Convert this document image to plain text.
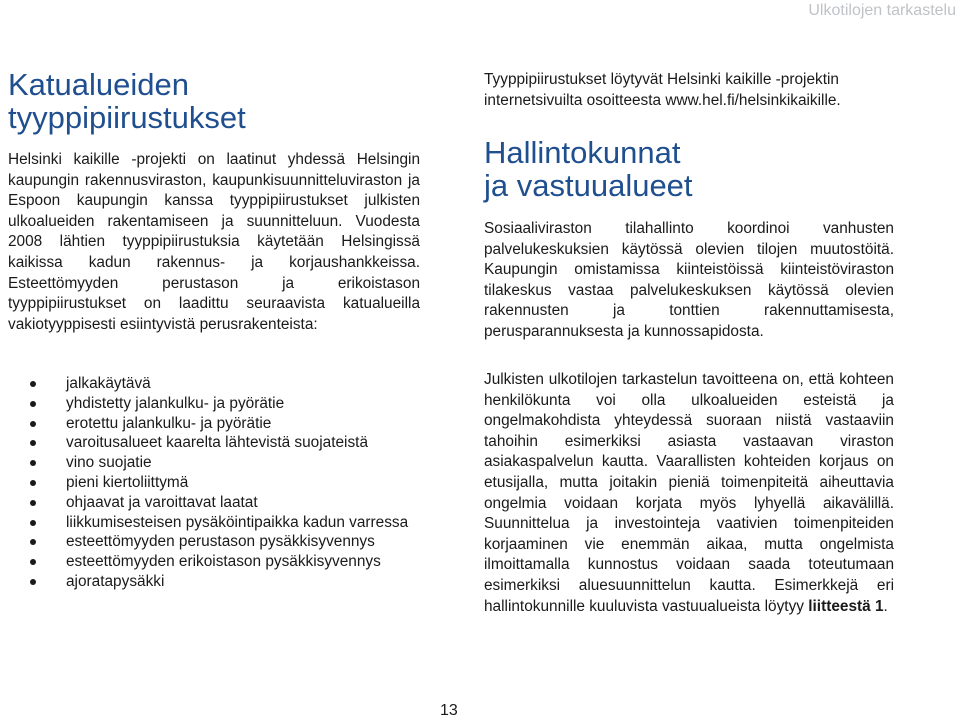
Ulkotilojen tarkastelu
Katualueiden
tyyppipiirustukset

Helsinki kaikille -projekti on laatinut yhdessä Helsingin kaupungin rakennusviraston, kaupunkisuunnitteluviraston ja Espoon kaupungin kanssa tyyppipiirustukset julkisten ulkoalueiden rakentamiseen ja suunnitteluun. Vuodesta 2008 lähtien tyyppipiirustuksia käytetään Helsingissä kaikissa kadun rakennus- ja korjaushankkeissa. Esteettömyyden perustason ja erikoistason tyyppipiirustukset on laadittu seuraavista katualueilla vakiotyyppisesti esiintyvistä perusrakenteista:

jalkakäytävä
yhdistetty jalankulku- ja pyörätie
erotettu jalankulku- ja pyörätie
varoitusalueet kaarelta lähtevistä suojateistä
vino suojatie
pieni kiertoliittymä
ohjaavat ja varoittavat laatat
liikkumisesteisen pysäköintipaikka kadun varressa
esteettömyyden perustason pysäkkisyvennys
esteettömyyden erikoistason pysäkkisyvennys
ajoratapysäkki

Tyyppipiirustukset löytyvät Helsinki kaikille -projektin internetsivuilta osoitteesta www.hel.fi/helsinkikaikille.

Hallintokunnat
ja vastuualueet

Sosiaaliviraston tilahallinto koordinoi vanhusten palvelukeskuksien käytössä olevien tilojen muutostöitä. Kaupungin omistamissa kiinteistöissä kiinteistöviraston tilakeskus vastaa palvelukeskuksen käytössä olevien rakennusten ja tonttien rakennuttamisesta, perusparannuksesta ja kunnossapidosta.

Julkisten ulkotilojen tarkastelun tavoitteena on, että kohteen henkilökunta voi olla ulkoalueiden esteistä ja ongelmakohdista yhteydessä suoraan niistä vastaaviin tahoihin esimerkiksi asiasta vastaavan viraston asiakaspalvelun kautta. Vaarallisten kohteiden korjaus on etusijalla, mutta joitakin pieniä toimenpiteitä aiheuttavia ongelmia voidaan korjata myös lyhyellä aikavälillä. Suunnittelua ja investointeja vaativien toimenpiteiden korjaaminen vie enemmän aikaa, mutta ongelmista ilmoittamalla kunnostus voidaan saada toteutumaan esimerkiksi aluesuunnittelun kautta. Esimerkkejä eri hallintokunnille kuuluvista vastuualueista löytyy liitteestä 1.

13
